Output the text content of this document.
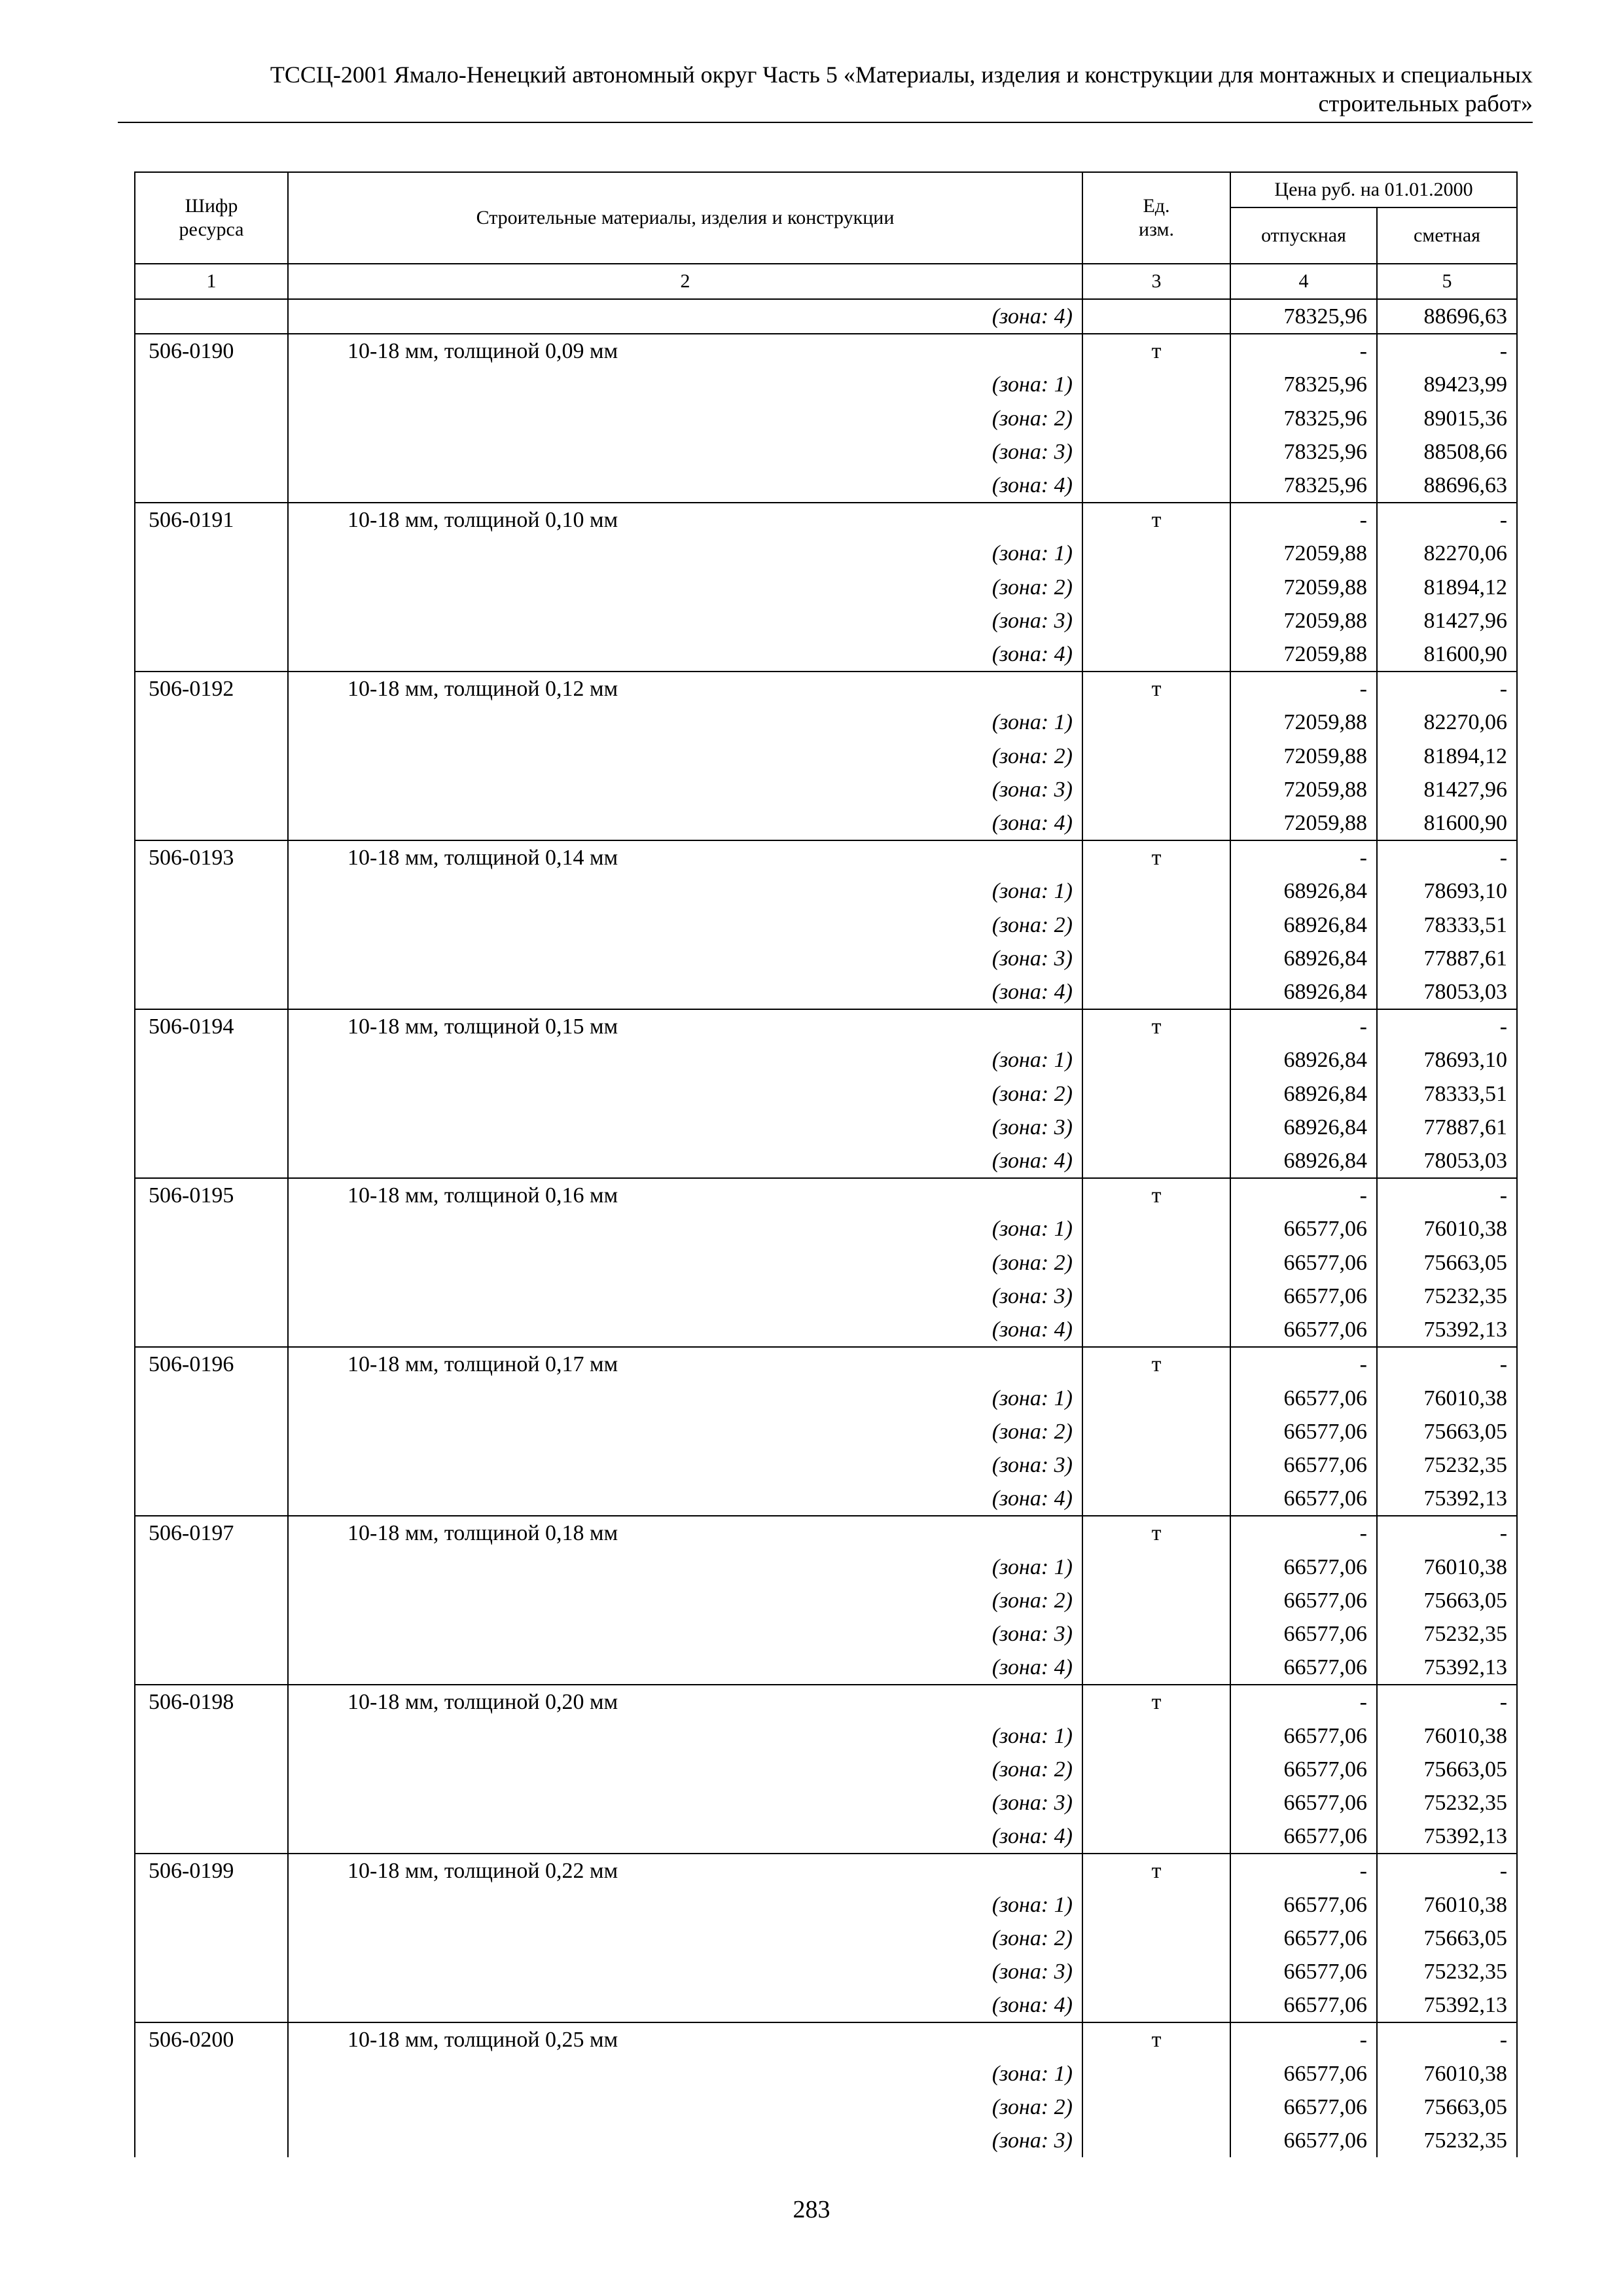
ТССЦ-2001 Ямало-Ненецкий автономный округ Часть 5 «Материалы, изделия и конструкции для монтажных и специальных
строительных работ»
Шифр ресурса	Строительные материалы, изделия и конструкции	Ед. изм.	Цена руб. на 01.01.2000	
			отпускная	сметная
1	2	3	4	5
	(зона: 4)		78325,96	88696,63
506-0190	10-18 мм, толщиной 0,09 мм	т	-	-
	(зона: 1)		78325,96	89423,99
	(зона: 2)		78325,96	89015,36
	(зона: 3)		78325,96	88508,66
	(зона: 4)		78325,96	88696,63
506-0191	10-18 мм, толщиной 0,10 мм	т	-	-
	(зона: 1)		72059,88	82270,06
	(зона: 2)		72059,88	81894,12
	(зона: 3)		72059,88	81427,96
	(зона: 4)		72059,88	81600,90
506-0192	10-18 мм, толщиной 0,12 мм	т	-	-
	(зона: 1)		72059,88	82270,06
	(зона: 2)		72059,88	81894,12
	(зона: 3)		72059,88	81427,96
	(зона: 4)		72059,88	81600,90
506-0193	10-18 мм, толщиной 0,14 мм	т	-	-
	(зона: 1)		68926,84	78693,10
	(зона: 2)		68926,84	78333,51
	(зона: 3)		68926,84	77887,61
	(зона: 4)		68926,84	78053,03
506-0194	10-18 мм, толщиной 0,15 мм	т	-	-
	(зона: 1)		68926,84	78693,10
	(зона: 2)		68926,84	78333,51
	(зона: 3)		68926,84	77887,61
	(зона: 4)		68926,84	78053,03
506-0195	10-18 мм, толщиной 0,16 мм	т	-	-
	(зона: 1)		66577,06	76010,38
	(зона: 2)		66577,06	75663,05
	(зона: 3)		66577,06	75232,35
	(зона: 4)		66577,06	75392,13
506-0196	10-18 мм, толщиной 0,17 мм	т	-	-
	(зона: 1)		66577,06	76010,38
	(зона: 2)		66577,06	75663,05
	(зона: 3)		66577,06	75232,35
	(зона: 4)		66577,06	75392,13
506-0197	10-18 мм, толщиной 0,18 мм	т	-	-
	(зона: 1)		66577,06	76010,38
	(зона: 2)		66577,06	75663,05
	(зона: 3)		66577,06	75232,35
	(зона: 4)		66577,06	75392,13
506-0198	10-18 мм, толщиной 0,20 мм	т	-	-
	(зона: 1)		66577,06	76010,38
	(зона: 2)		66577,06	75663,05
	(зона: 3)		66577,06	75232,35
	(зона: 4)		66577,06	75392,13
506-0199	10-18 мм, толщиной 0,22 мм	т	-	-
	(зона: 1)		66577,06	76010,38
	(зона: 2)		66577,06	75663,05
	(зона: 3)		66577,06	75232,35
	(зона: 4)		66577,06	75392,13
506-0200	10-18 мм, толщиной 0,25 мм	т	-	-
	(зона: 1)		66577,06	76010,38
	(зона: 2)		66577,06	75663,05
	(зона: 3)		66577,06	75232,35
283
